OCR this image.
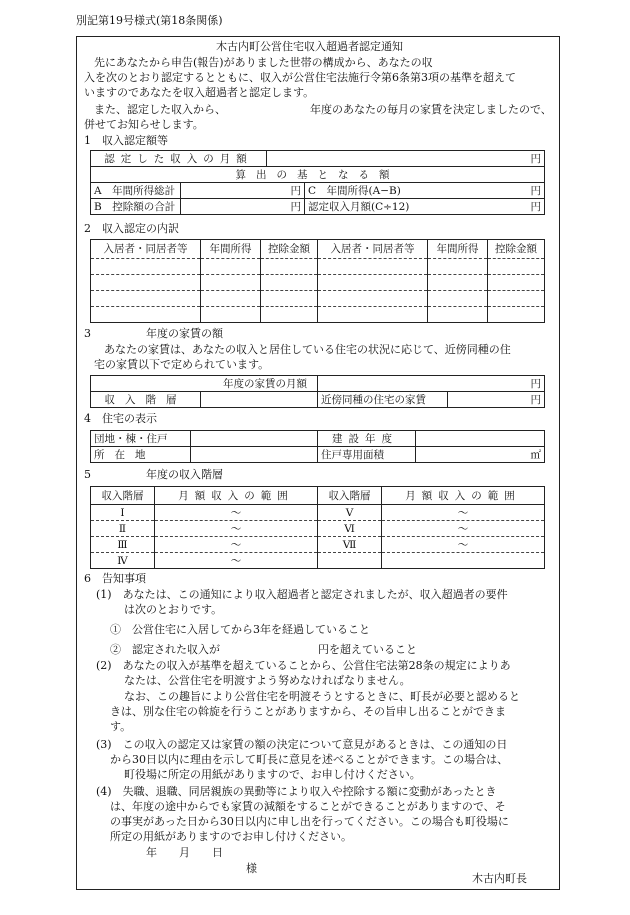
別記第19号様式(第18条関係)
木古内町公営住宅収入超過者認定通知
先にあなたから申告(報告)がありました世帯の構成から、あなたの収
入を次のとおり認定するとともに、収入が公営住宅法施行令第6条第3項の基準を超えて
いますのであなたを収入超過者と認定します。
また、認定した収入から、	年度のあなたの毎月の家賃を決定しましたので、
併せてお知らせします。
1　収入認定額等
認定した収入の月額		円	
算出の基となる額			
A　年間所得総計	円		C　年間所得(A−B) 円

B　控除額の合計	円		認定収入月額(C÷12) 円
2　収入認定の内訳
入居者・同居者等	年間所得	控除金額	入居者・同居者等	年間所得	控除金額

3	年度の家賃の額
あなたの家賃は、あなたの収入と居住している住宅の状況に応じて、近傍同種の住
宅の家賃以下で定められています。
年度の家賃の月額		円	
収入階層		近傍同種の住宅の家賃	円
4　住宅の表示
団地・棟・住戸		建設年度	
所在地		住戸専用面積	㎡
5	年度の収入階層
収入階層	月額収入の範囲	収入階層	月額収入の範囲
Ⅰ	〜	Ⅴ	〜
Ⅱ	〜	Ⅵ	〜
Ⅲ	〜	Ⅶ	〜
Ⅳ	〜		
6　告知事項
(1)　あなたは、この通知により収入超過者と認定されましたが、収入超過者の要件
は次のとおりです。
①　公営住宅に入居してから3年を経過していること
②　認定された収入が	円を超えていること
(2)　あなたの収入が基準を超えていることから、公営住宅法第28条の規定によりあ
なたは、公営住宅を明渡すよう努めなければなりません。
なお、この趣旨により公営住宅を明渡そうとするときに、町長が必要と認めると
きは、別な住宅の斡旋を行うことがありますから、その旨申し出ることができま
す。
(3)　この収入の認定又は家賃の額の決定について意見があるときは、この通知の日
から30日以内に理由を示して町長に意見を述べることができます。この場合は、
町役場に所定の用紙がありますので、お申し付けください。
(4)　失職、退職、同居親族の異動等により収入や控除する額に変動があったとき
は、年度の途中からでも家賃の減額をすることができることがありますので、そ
の事実があった日から30日以内に申し出を行ってください。この場合も町役場に
所定の用紙がありますのでお申し付けください。
年　　月　　日
様
木古内町長
